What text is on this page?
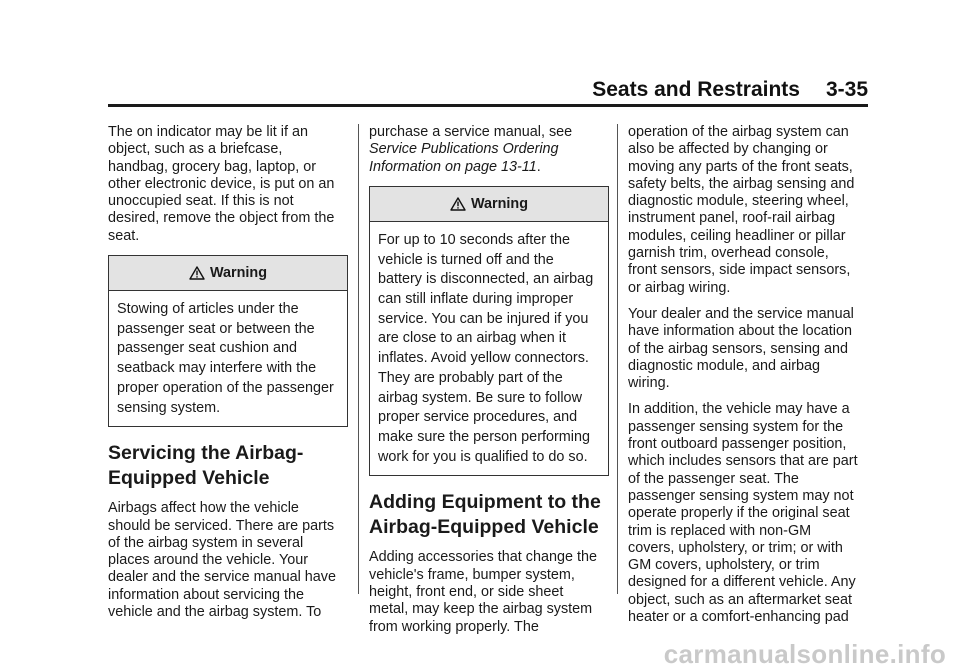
Seats and Restraints 3-35

The on indicator may be lit if an object, such as a briefcase, handbag, grocery bag, laptop, or other electronic device, is put on an unoccupied seat. If this is not desired, remove the object from the seat.

Warning
Stowing of articles under the passenger seat or between the passenger seat cushion and seatback may interfere with the proper operation of the passenger sensing system.
Servicing the Airbag-Equipped Vehicle

Airbags affect how the vehicle should be serviced. There are parts of the airbag system in several places around the vehicle. Your dealer and the service manual have information about servicing the vehicle and the airbag system. To

purchase a service manual, see Service Publications Ordering Information on page 13-11.

Warning
For up to 10 seconds after the vehicle is turned off and the battery is disconnected, an airbag can still inflate during improper service. You can be injured if you are close to an airbag when it inflates. Avoid yellow connectors. They are probably part of the airbag system. Be sure to follow proper service procedures, and make sure the person performing work for you is qualified to do so.
Adding Equipment to the Airbag-Equipped Vehicle

Adding accessories that change the vehicle's frame, bumper system, height, front end, or side sheet metal, may keep the airbag system from working properly. The

operation of the airbag system can also be affected by changing or moving any parts of the front seats, safety belts, the airbag sensing and diagnostic module, steering wheel, instrument panel, roof-rail airbag modules, ceiling headliner or pillar garnish trim, overhead console, front sensors, side impact sensors, or airbag wiring.

Your dealer and the service manual have information about the location of the airbag sensors, sensing and diagnostic module, and airbag wiring.

In addition, the vehicle may have a passenger sensing system for the front outboard passenger position, which includes sensors that are part of the passenger seat. The passenger sensing system may not operate properly if the original seat trim is replaced with non-GM covers, upholstery, or trim; or with GM covers, upholstery, or trim designed for a different vehicle. Any object, such as an aftermarket seat heater or a comfort-enhancing pad

carmanualsonline.info
